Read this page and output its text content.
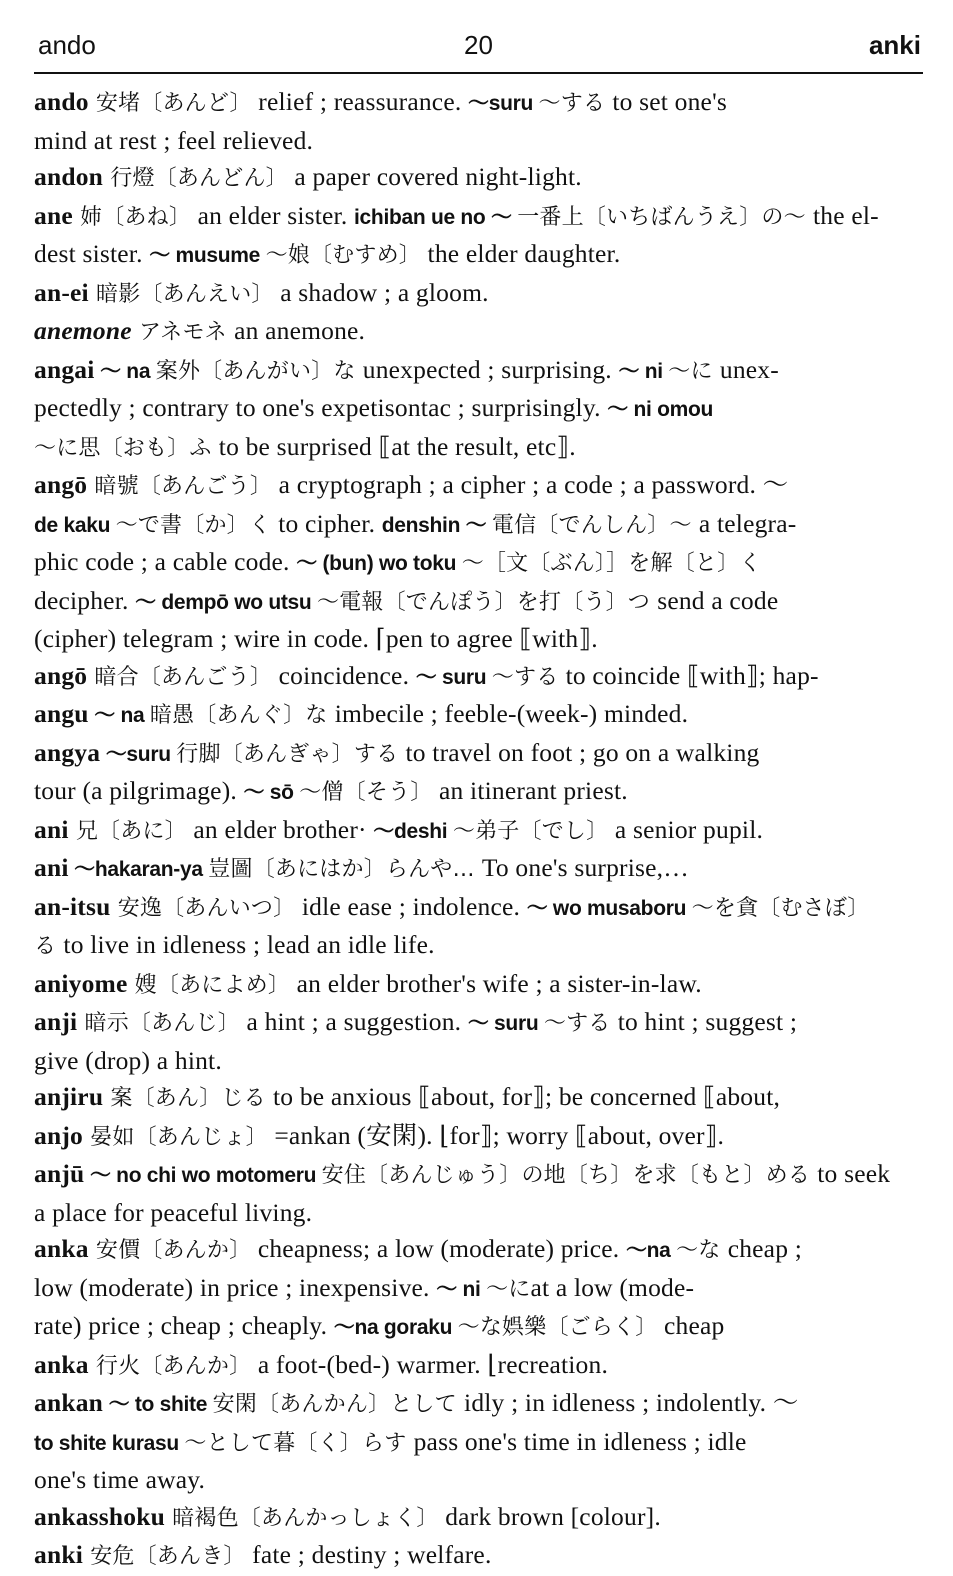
ando	20	anki
ando 安堵〔あんど〕 relief ; reassurance. ～suru ～する to set one's
mind at rest ; feel relieved.
andon 行燈〔あんどん〕 a paper covered night-light.
ane 姉〔あね〕 an elder sister. ichiban ue no ～ 一番上〔いちばんうえ〕の～ the el-
dest sister. ～ musume ～娘〔むすめ〕 the elder daughter.
an-ei 暗影〔あんえい〕 a shadow ; a gloom.
anemone アネモネ an anemone.
angai ～ na 案外〔あんがい〕な unexpected ; surprising. ～ ni ～に unex-
pectedly ; contrary to one's expetisontac ; surprisingly. ～ ni omou
～に思〔おも〕ふ to be surprised ⟦at the result, etc⟧.
angō 暗號〔あんごう〕 a cryptograph ; a cipher ; a code ; a password. ～
de kaku ～で書〔か〕く to cipher. denshin ～ 電信〔でんしん〕～ a telegra-
phic code ; a cable code. ～ (bun) wo toku ～［文〔ぶん〕］を解〔と〕く
decipher. ～ dempō wo utsu ～電報〔でんぽう〕を打〔う〕つ send a code
(cipher) telegram ; wire in code. ⌈pen to agree ⟦with⟧.
angō 暗合〔あんごう〕 coincidence. ～ suru ～する to coincide ⟦with⟧; hap-
angu ～ na 暗愚〔あんぐ〕な imbecile ; feeble-(week-) minded.
angya ～suru 行脚〔あんぎゃ〕する to travel on foot ; go on a walking
tour (a pilgrimage). ～ sō ～僧〔そう〕 an itinerant priest.
ani 兄〔あに〕 an elder brother· ～deshi ～弟子〔でし〕 a senior pupil.
ani ～hakaran-ya 豈圖〔あにはか〕らんや… To one's surprise,…
an-itsu 安逸〔あんいつ〕 idle ease ; indolence. ～ wo musaboru ～を貪〔むさぼ〕
る to live in idleness ; lead an idle life.
aniyome 嫂〔あによめ〕 an elder brother's wife ; a sister-in-law.
anji 暗示〔あんじ〕 a hint ; a suggestion. ～ suru ～する to hint ; suggest ;
give (drop) a hint.
anjiru 案〔あん〕じる to be anxious ⟦about, for⟧; be concerned ⟦about,
anjo 晏如〔あんじょ〕 =ankan (安閑). ⌊for⟧; worry ⟦about, over⟧.
anjū ～ no chi wo motomeru 安住〔あんじゅう〕の地〔ち〕を求〔もと〕める to seek
a place for peaceful living.
anka 安價〔あんか〕 cheapness; a low (moderate) price. ～na ～な cheap ;
low (moderate) in price ; inexpensive. ～ ni ～にat a low (mode-
rate) price ; cheap ; cheaply. ～na goraku ～な娯樂〔ごらく〕 cheap
anka 行火〔あんか〕 a foot-(bed-) warmer. ⌊recreation.
ankan ～ to shite 安閑〔あんかん〕として idly ; in idleness ; indolently. ～
to shite kurasu ～として暮〔く〕らす pass one's time in idleness ; idle
one's time away.
ankasshoku 暗褐色〔あんかっしょく〕 dark brown [colour].
anki 安危〔あんき〕 fate ; destiny ; welfare.
